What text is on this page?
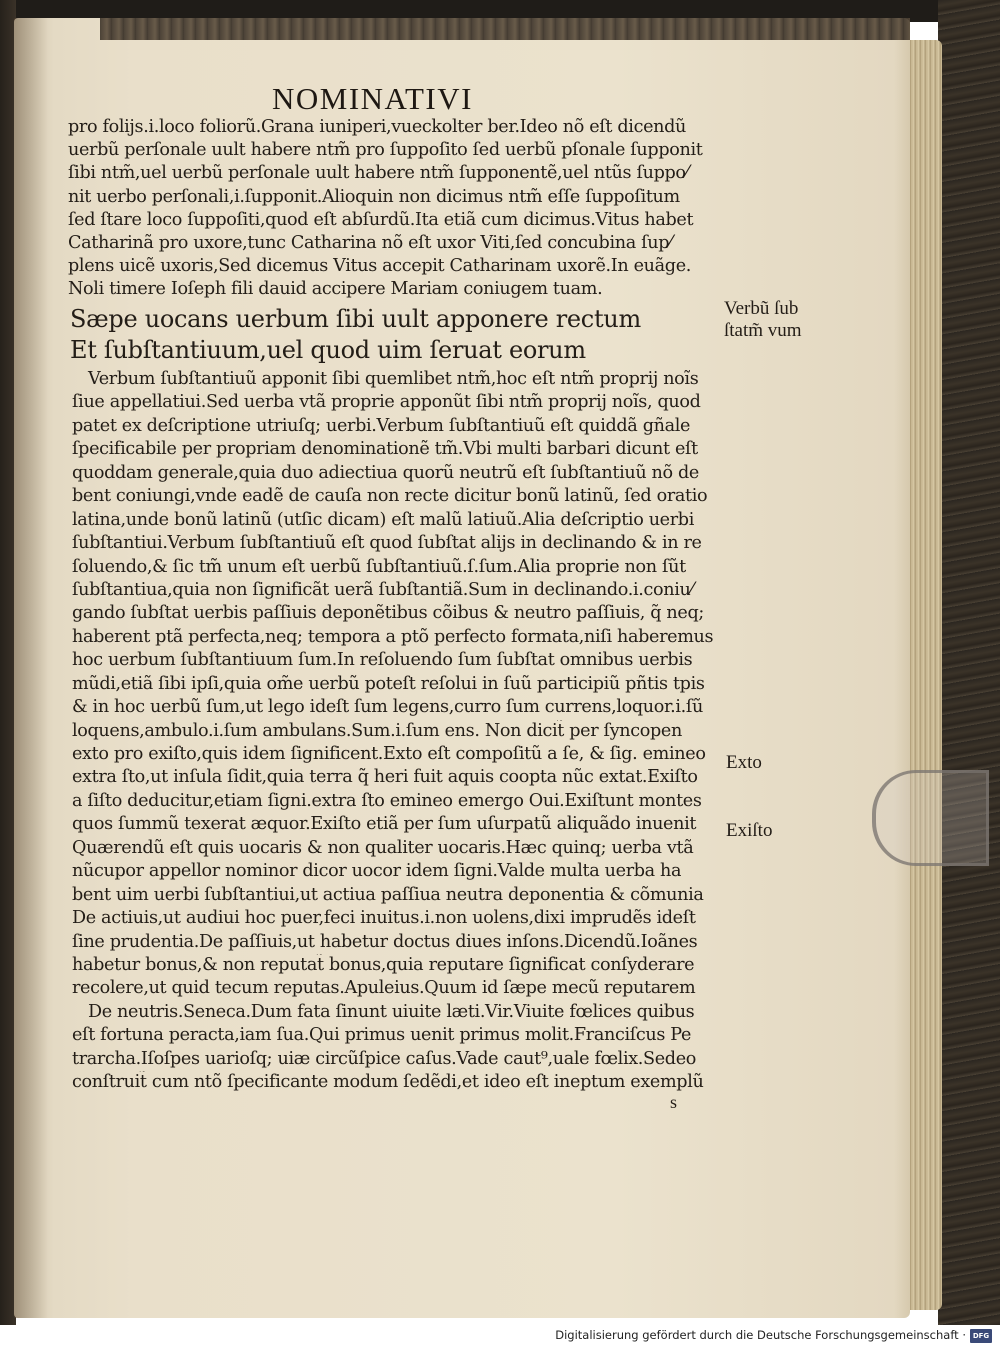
NOMINATIVI
pro folijs.i.loco foliorũ.Grana iuniperi,vueckolter ber.Ideo nõ eſt dicendũ
uerbũ perſonale uult habere ntm̃ pro ſuppoſito ſed uerbũ pſonale ſupponit
ſibi ntm̃,uel uerbũ perſonale uult habere ntm̃ ſupponentẽ,uel ntũs ſuppo⁄
nit uerbo perſonali,i.ſupponit.Alioquin non dicimus ntm̃ eſſe ſuppoſitum
ſed ſtare loco ſuppoſiti,quod eſt abſurdũ.Ita etiã cum dicimus.Vitus habet
Catharinã pro uxore,tunc Catharina nõ eſt uxor Viti,ſed concubina ſup⁄
plens uicẽ uxoris,Sed dicemus Vitus accepit Catharinam uxorẽ.In euãge.
Noli timere Ioſeph fili dauid accipere Mariam coniugem tuam.
Sæpe uocans uerbum ſibi uult apponere rectum
Et ſubſtantiuum,uel quod uim ſeruat eorum
Verbum ſubſtantiuũ apponit ſibi quemlibet ntm̃,hoc eſt ntm̃ proprij noĩs
ſiue appellatiui.Sed uerba vtã proprie apponũt ſibi ntm̃ proprij noĩs, quod
patet ex deſcriptione utriuſq; uerbi.Verbum ſubſtantiuũ eſt quiddã gñale
ſpecificabile per propriam denominationẽ tm̃.Vbi multi barbari dicunt eſt
quoddam generale,quia duo adiectiua quorũ neutrũ eſt ſubſtantiuũ nõ de
bent coniungi,vnde eadẽ de cauſa non recte dicitur bonũ latinũ, ſed oratio
latina,unde bonũ latinũ (utſic dicam) eſt malũ latiuũ.Alia deſcriptio uerbi
ſubſtantiui.Verbum ſubſtantiuũ eſt quod ſubſtat alijs in declinando & in re
ſoluendo,& ſic tm̃ unum eſt uerbũ ſubſtantiuũ.ſ.ſum.Alia proprie non ſũt
ſubſtantiua,quia non ſignificãt uerã ſubſtantiã.Sum in declinando.i.coniu⁄
gando ſubſtat uerbis paſſiuis deponẽtibus cõibus & neutro paſſiuis, q̃ neq;
haberent ptã perfecta,neq; tempora a ptõ perfecto formata,niſi haberemus
hoc uerbum ſubſtantiuum ſum.In reſoluendo ſum ſubſtat omnibus uerbis
mũdi,etiã ſibi ipſi,quia om̃e uerbũ poteſt reſolui in ſuũ participiũ pñtis tpis
& in hoc uerbũ ſum,ut lego ideſt ſum legens,curro ſum currens,loquor.i.ſũ
loquens,ambulo.i.ſum ambulans.Sum.i.ſum ens. Non dicit̃ per ſyncopen
exto pro exiſto,quis idem ſignificent.Exto eſt compoſitũ a ſe, & ſig. emineo
extra ſto,ut inſula ſidit,quia terra q̃ heri fuit aquis coopta nũc extat.Exiſto
a ſiſto deducitur,etiam ſigni.extra ſto emineo emergo Oui.Exiſtunt montes
quos ſummũ texerat æquor.Exiſto etiã per ſum uſurpatũ aliquãdo inuenit
Quærendũ eſt quis uocaris & non qualiter uocaris.Hæc quinq; uerba vtã
nũcupor appellor nominor dicor uocor idem ſigni.Valde multa uerba ha
bent uim uerbi ſubſtantiui,ut actiua paſſiua neutra deponentia & cõmunia
De actiuis,ut audiui hoc puer,feci inuitus.i.non uolens,dixi imprudẽs ideſt
ſine prudentia.De paſſiuis,ut habetur doctus diues inſons.Dicendũ.Ioãnes
habetur bonus,& non reputat̃ bonus,quia reputare ſignificat conſyderare
recolere,ut quid tecum reputas.Apuleius.Quum id ſæpe mecũ reputarem
De neutris.Seneca.Dum fata ſinunt uiuite læti.Vir.Viuite fœlices quibus
eſt fortuna peracta,iam ſua.Qui primus uenit primus molit.Franciſcus Pe
trarcha.Iſoſpes uarioſq; uiæ circũſpice caſus.Vade caut⁹,uale fœlix.Sedeo
conſtruit̃ cum ntõ ſpecificante modum ſedẽdi,et ideo eſt ineptum exemplũ
Verbũ ſub
ſtatm̃ vum
Exto
Exiſto
s
Digitalisierung gefördert durch die Deutsche Forschungsgemeinschaft · DFG
